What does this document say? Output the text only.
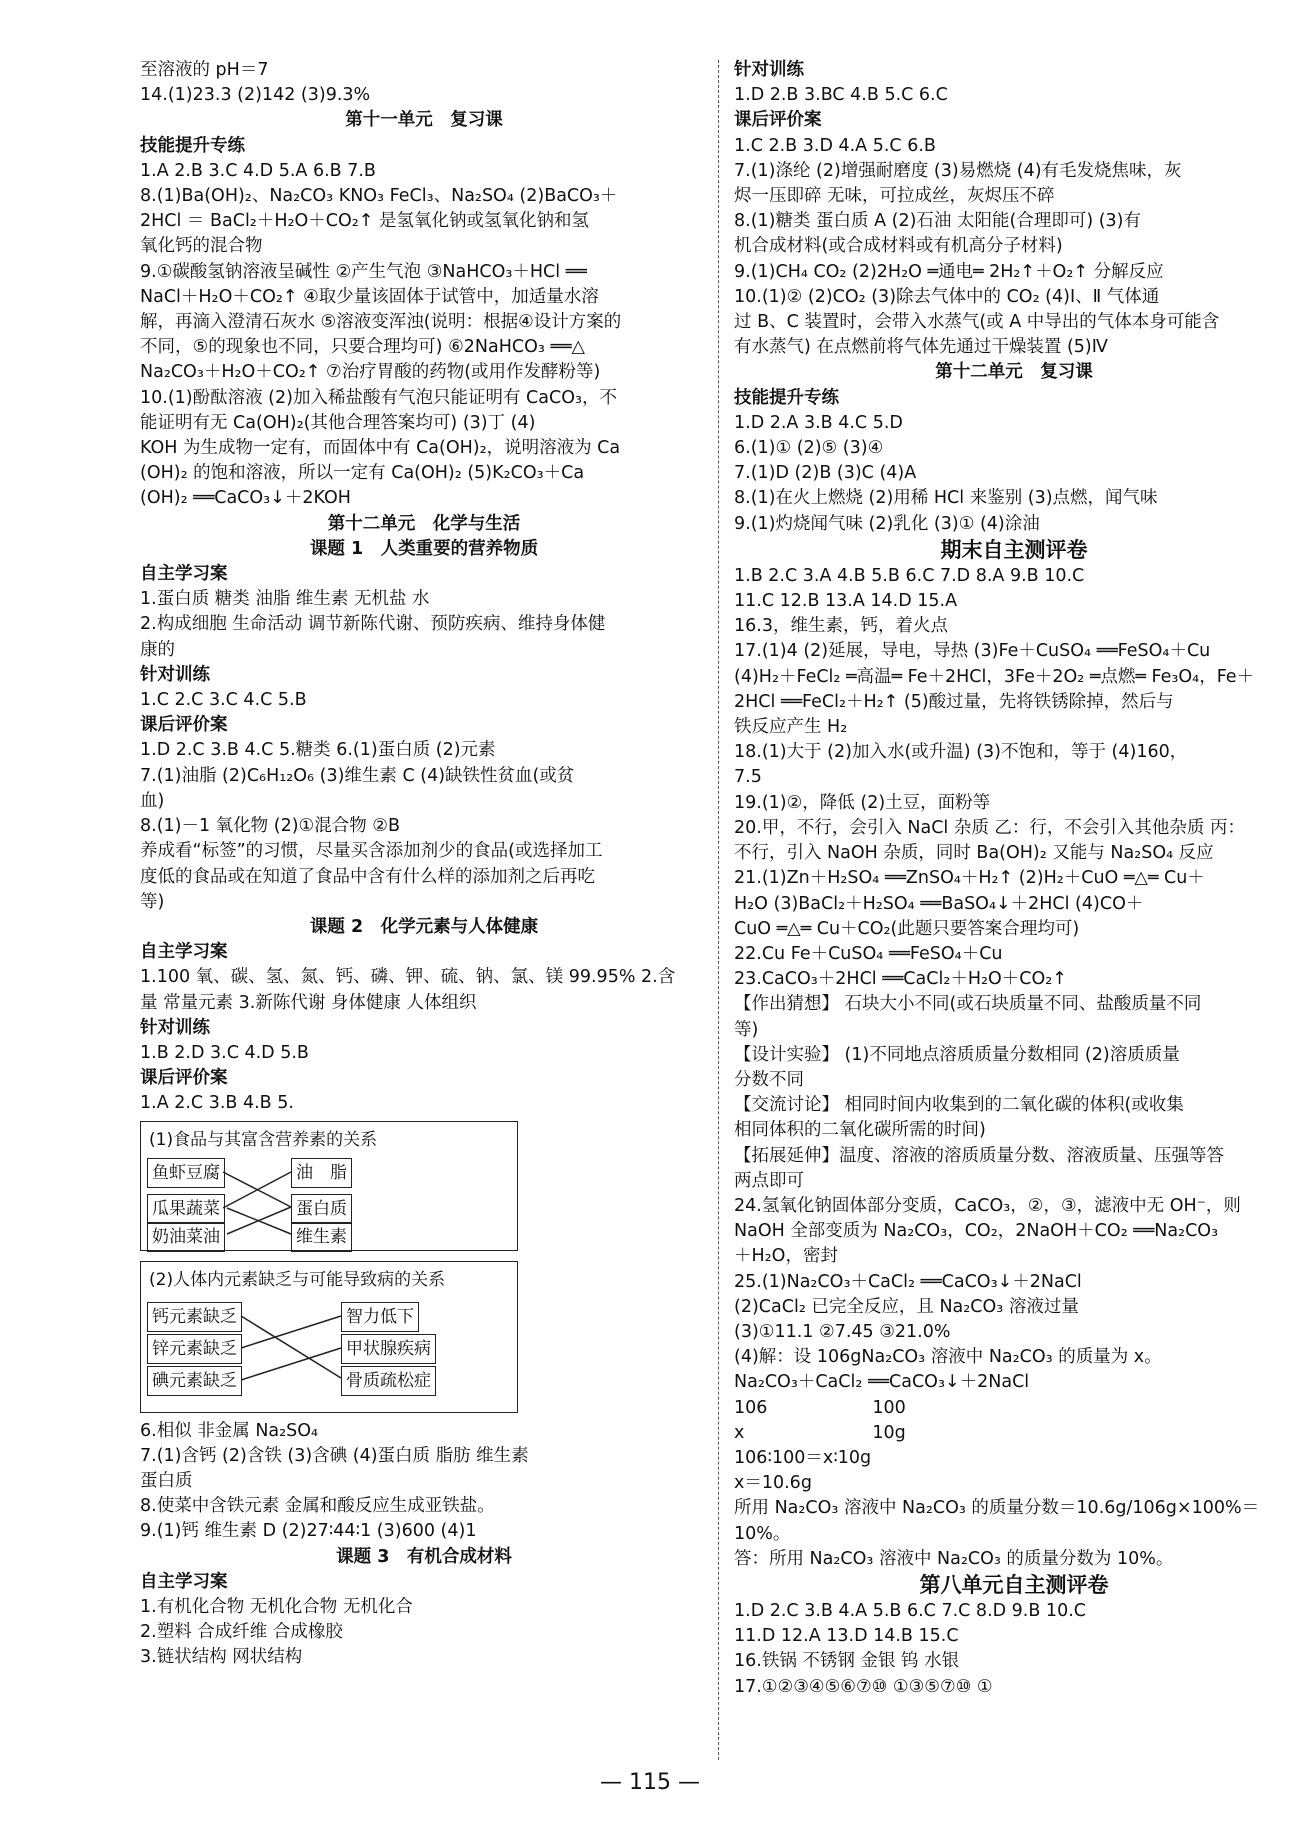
至溶液的 pH＝7
14.(1)23.3 (2)142 (3)9.3%
第十一单元　复习课
技能提升专练
1.A 2.B 3.C 4.D 5.A 6.B 7.B
8.(1)Ba(OH)₂、Na₂CO₃ KNO₃ FeCl₃、Na₂SO₄ (2)BaCO₃＋
2HCl ＝ BaCl₂＋H₂O＋CO₂↑ 是氢氧化钠或氢氧化钠和氢
氧化钙的混合物
9.①碳酸氢钠溶液呈碱性 ②产生气泡 ③NaHCO₃＋HCl ══
NaCl＋H₂O＋CO₂↑ ④取少量该固体于试管中，加适量水溶
解，再滴入澄清石灰水 ⑤溶液变浑浊(说明：根据④设计方案的
不同，⑤的现象也不同，只要合理均可) ⑥2NaHCO₃ ══△
Na₂CO₃＋H₂O＋CO₂↑ ⑦治疗胃酸的药物(或用作发酵粉等)
10.(1)酚酞溶液 (2)加入稀盐酸有气泡只能证明有 CaCO₃，不
能证明有无 Ca(OH)₂(其他合理答案均可) (3)丁 (4)
KOH 为生成物一定有，而固体中有 Ca(OH)₂，说明溶液为 Ca
(OH)₂ 的饱和溶液，所以一定有 Ca(OH)₂ (5)K₂CO₃＋Ca
(OH)₂ ══CaCO₃↓＋2KOH
第十二单元　化学与生活
课题 1　人类重要的营养物质
自主学习案
1.蛋白质 糖类 油脂 维生素 无机盐 水
2.构成细胞 生命活动 调节新陈代谢、预防疾病、维持身体健
康的
针对训练
1.C 2.C 3.C 4.C 5.B
课后评价案
1.D 2.C 3.B 4.C 5.糖类 6.(1)蛋白质 (2)元素
7.(1)油脂 (2)C₆H₁₂O₆ (3)维生素 C (4)缺铁性贫血(或贫
血)
8.(1)－1 氧化物 (2)①混合物 ②B
养成看“标签”的习惯，尽量买含添加剂少的食品(或选择加工
度低的食品或在知道了食品中含有什么样的添加剂之后再吃
等)
课题 2　化学元素与人体健康
自主学习案
1.100 氧、碳、氢、氮、钙、磷、钾、硫、钠、氯、镁 99.95% 2.含
量 常量元素 3.新陈代谢 身体健康 人体组织
针对训练
1.B 2.D 3.C 4.D 5.B
课后评价案
1.A 2.C 3.B 4.B 5.
(1)食品与其富含营养素的关系
鱼虾豆腐
瓜果蔬菜
奶油菜油
油　脂
蛋白质
维生素
(2)人体内元素缺乏与可能导致病的关系
钙元素缺乏
锌元素缺乏
碘元素缺乏
智力低下
甲状腺疾病
骨质疏松症
6.相似 非金属 Na₂SO₄
7.(1)含钙 (2)含铁 (3)含碘 (4)蛋白质 脂肪 维生素
蛋白质
8.使菜中含铁元素 金属和酸反应生成亚铁盐。
9.(1)钙 维生素 D (2)27∶44∶1 (3)600 (4)1
课题 3　有机合成材料
自主学习案
1.有机化合物 无机化合物 无机化合
2.塑料 合成纤维 合成橡胶
3.链状结构 网状结构
针对训练
1.D 2.B 3.BC 4.B 5.C 6.C
课后评价案
1.C 2.B 3.D 4.A 5.C 6.B
7.(1)涤纶 (2)增强耐磨度 (3)易燃烧 (4)有毛发烧焦味，灰
烬一压即碎 无味，可拉成丝，灰烬压不碎
8.(1)糖类 蛋白质 A (2)石油 太阳能(合理即可) (3)有
机合成材料(或合成材料或有机高分子材料)
9.(1)CH₄ CO₂ (2)2H₂O ═通电═ 2H₂↑＋O₂↑ 分解反应
10.(1)② (2)CO₂ (3)除去气体中的 CO₂ (4)Ⅰ、Ⅱ 气体通
过 B、C 装置时，会带入水蒸气(或 A 中导出的气体本身可能含
有水蒸气) 在点燃前将气体先通过干燥装置 (5)Ⅳ
第十二单元　复习课
技能提升专练
1.D 2.A 3.B 4.C 5.D
6.(1)① (2)⑤ (3)④
7.(1)D (2)B (3)C (4)A
8.(1)在火上燃烧 (2)用稀 HCl 来鉴别 (3)点燃，闻气味
9.(1)灼烧闻气味 (2)乳化 (3)① (4)涂油
期末自主测评卷
1.B 2.C 3.A 4.B 5.B 6.C 7.D 8.A 9.B 10.C
11.C 12.B 13.A 14.D 15.A
16.3，维生素，钙，着火点
17.(1)4 (2)延展，导电，导热 (3)Fe＋CuSO₄ ══FeSO₄＋Cu
(4)H₂＋FeCl₂ ═高温═ Fe＋2HCl，3Fe＋2O₂ ═点燃═ Fe₃O₄，Fe＋
2HCl ══FeCl₂＋H₂↑ (5)酸过量，先将铁锈除掉，然后与
铁反应产生 H₂
18.(1)大于 (2)加入水(或升温) (3)不饱和，等于 (4)160，
7.5
19.(1)②，降低 (2)土豆，面粉等
20.甲，不行，会引入 NaCl 杂质 乙：行，不会引入其他杂质 丙：
不行，引入 NaOH 杂质，同时 Ba(OH)₂ 又能与 Na₂SO₄ 反应
21.(1)Zn＋H₂SO₄ ══ZnSO₄＋H₂↑ (2)H₂＋CuO ═△═ Cu＋
H₂O (3)BaCl₂＋H₂SO₄ ══BaSO₄↓＋2HCl (4)CO＋
CuO ═△═ Cu＋CO₂(此题只要答案合理均可)
22.Cu Fe＋CuSO₄ ══FeSO₄＋Cu
23.CaCO₃＋2HCl ══CaCl₂＋H₂O＋CO₂↑
【作出猜想】 石块大小不同(或石块质量不同、盐酸质量不同
等)
【设计实验】 (1)不同地点溶质质量分数相同 (2)溶质质量
分数不同
【交流讨论】 相同时间内收集到的二氧化碳的体积(或收集
相同体积的二氧化碳所需的时间)
【拓展延伸】温度、溶液的溶质质量分数、溶液质量、压强等答
两点即可
24.氢氧化钠固体部分变质，CaCO₃，②，③，滤液中无 OH⁻，则
NaOH 全部变质为 Na₂CO₃，CO₂，2NaOH＋CO₂ ══Na₂CO₃
＋H₂O，密封
25.(1)Na₂CO₃＋CaCl₂ ══CaCO₃↓＋2NaCl
(2)CaCl₂ 已完全反应，且 Na₂CO₃ 溶液过量
(3)①11.1 ②7.45 ③21.0%
(4)解：设 106gNa₂CO₃ 溶液中 Na₂CO₃ 的质量为 x。
Na₂CO₃＋CaCl₂ ══CaCO₃↓＋2NaCl
106　　　　　　100
x　　　　　　　 10g
106∶100＝x∶10g
x＝10.6g
所用 Na₂CO₃ 溶液中 Na₂CO₃ 的质量分数＝10.6g/106g×100%＝
10%。
答：所用 Na₂CO₃ 溶液中 Na₂CO₃ 的质量分数为 10%。
第八单元自主测评卷
1.D 2.C 3.B 4.A 5.B 6.C 7.C 8.D 9.B 10.C
11.D 12.A 13.D 14.B 15.C
16.铁锅 不锈钢 金银 钨 水银
17.①②③④⑤⑥⑦⑩ ①③⑤⑦⑩ ①
— 115 —
